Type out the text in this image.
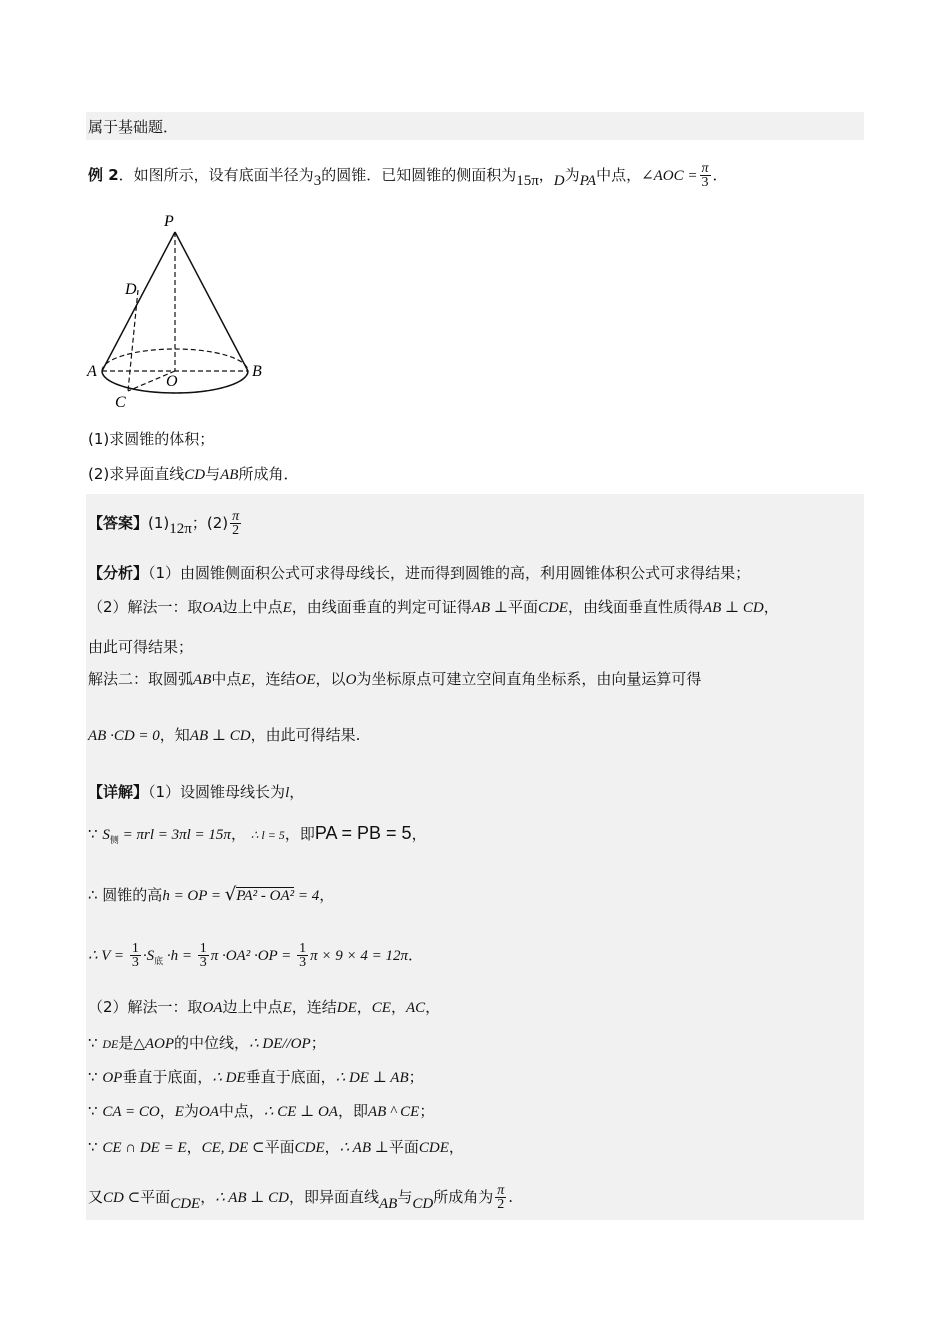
属于基础题．
例 2．如图所示，设有底面半径为3的圆锥．已知圆锥的侧面积为15π，D为PA中点，∠AOC = $\frac{\pi}{3}$ ．
P
D
A
O
B
C
(1)求圆锥的体积；
(2)求异面直线CD与AB所成角．
【答案】(1)12π；$(2) \frac{\pi}{2}$
【分析】（1）由圆锥侧面积公式可求得母线长，进而得到圆锥的高，利用圆锥体积公式可求得结果；
（2）解法一：取OA边上中点E，由线面垂直的判定可证得AB ⊥平面CDE，由线面垂直性质得AB ⊥ CD，
由此可得结果；
解法二：取圆弧AB中点E，连结OE，以O为坐标原点可建立空间直角坐标系，由向量运算可得
AB ·CD = 0，知AB ⊥ CD，由此可得结果.
【详解】（1）设圆锥母线长为l，
∵ $S_侧 = \pi rl = 3\pi l = 15\pi$， ∴ l = 5，即PA = PB = 5，
∴ 圆锥的高h = OP = √PA² - OA² = 4，
∴ $V = \frac{1}{3} \cdot S_底 \cdot h = \frac{1}{3}$ $\pi \cdot OA^2 \cdot OP = \frac{1}{3}$ π × 9 × 4 = 12π．
（2）解法一：取OA边上中点E，连结DE，CE，AC，
∵ DE是△AOP的中位线，∴ DE//OP；
∵ OP垂直于底面，∴ DE垂直于底面，∴ DE ⊥ AB；
∵ CA = CO，E为OA中点，∴ CE ⊥ OA，即AB ^ CE；
∵ CE ∩ DE = E，CE, DE ⊂平面CDE，∴ AB ⊥平面CDE，
又CD ⊂平面CDE，∴ AB ⊥ CD，即异面直线AB与CD所成角为 $\frac{\pi}{2}$ .
